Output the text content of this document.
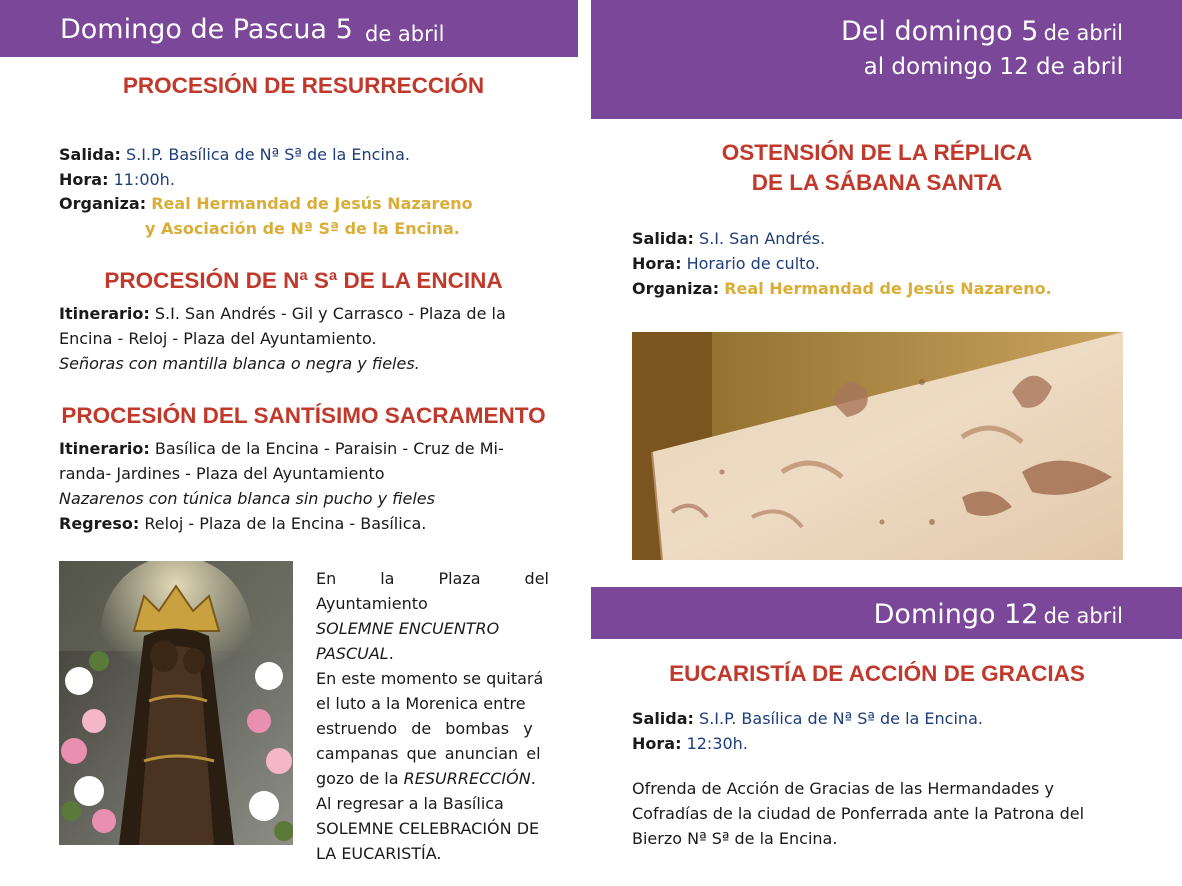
Domingo de Pascua 5 de abril
PROCESIÓN DE RESURRECCIÓN
Salida: S.I.P. Basílica de Nª Sª de la Encina.
Hora: 11:00h.
Organiza: Real Hermandad de Jesús Nazareno
y Asociación de Nª Sª de la Encina.
PROCESIÓN DE Nª Sª DE LA ENCINA
Itinerario: S.I. San Andrés - Gil y Carrasco - Plaza de la
Encina - Reloj - Plaza del Ayuntamiento.
Señoras con mantilla blanca o negra y fieles.
PROCESIÓN DEL SANTÍSIMO SACRAMENTO
Itinerario: Basílica de la Encina - Paraisin - Cruz de Mi-
randa- Jardines - Plaza del Ayuntamiento
Nazarenos con túnica blanca sin pucho y fieles
Regreso: Reloj - Plaza de la Encina - Basílica.
En la Plaza del Ayuntamiento
SOLEMNE ENCUENTRO
PASCUAL.
En este momento se quitará
el luto a la Morenica entre
estruendo de bombas y
campanas que anuncian el
gozo de la RESURRECCIÓN.
Al regresar a la Basílica
SOLEMNE CELEBRACIÓN DE
LA EUCARISTÍA.
Del domingo 5 de abril
al domingo 12 de abril
OSTENSIÓN DE LA RÉPLICA
DE LA SÁBANA SANTA
Salida: S.I. San Andrés.
Hora: Horario de culto.
Organiza: Real Hermandad de Jesús Nazareno.
Domingo 12 de abril
EUCARISTÍA DE ACCIÓN DE GRACIAS
Salida: S.I.P. Basílica de Nª Sª de la Encina.
Hora: 12:30h.
Ofrenda de Acción de Gracias de las Hermandades y
Cofradías de la ciudad de Ponferrada ante la Patrona del
Bierzo Nª Sª de la Encina.
